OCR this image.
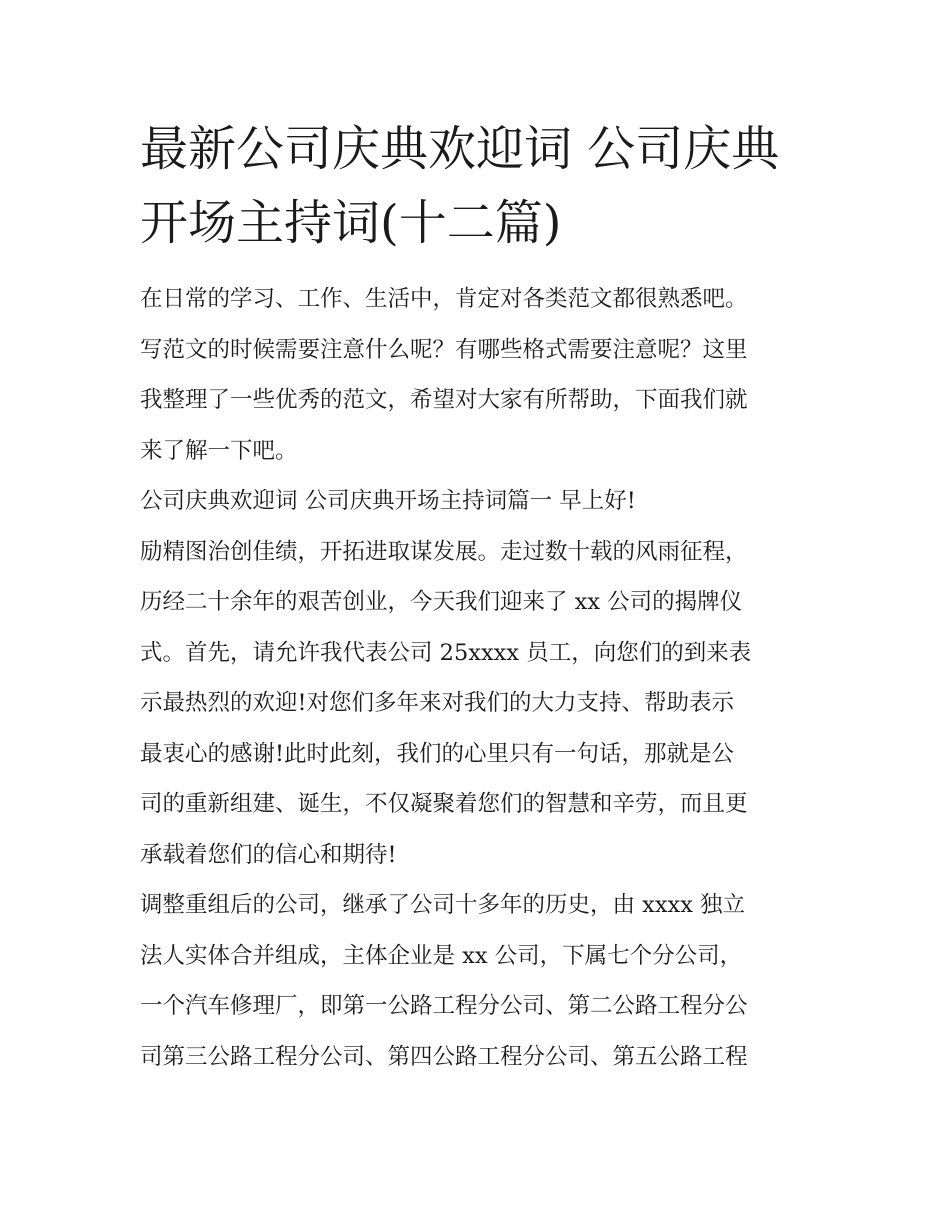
最新公司庆典欢迎词 公司庆典
开场主持词(十二篇)
在日常的学习、工作、生活中，肯定对各类范文都很熟悉吧。
写范文的时候需要注意什么呢？有哪些格式需要注意呢？这里
我整理了一些优秀的范文，希望对大家有所帮助，下面我们就
来了解一下吧。
公司庆典欢迎词 公司庆典开场主持词篇一 早上好!
励精图治创佳绩，开拓进取谋发展。走过数十载的风雨征程，
历经二十余年的艰苦创业，今天我们迎来了 xx 公司的揭牌仪
式。首先，请允许我代表公司 25xxxx 员工，向您们的到来表
示最热烈的欢迎!对您们多年来对我们的大力支持、帮助表示
最衷心的感谢!此时此刻，我们的心里只有一句话，那就是公
司的重新组建、诞生，不仅凝聚着您们的智慧和辛劳，而且更
承载着您们的信心和期待!
调整重组后的公司，继承了公司十多年的历史，由 xxxx 独立
法人实体合并组成，主体企业是 xx 公司，下属七个分公司，
一个汽车修理厂，即第一公路工程分公司、第二公路工程分公
司第三公路工程分公司、第四公路工程分公司、第五公路工程
